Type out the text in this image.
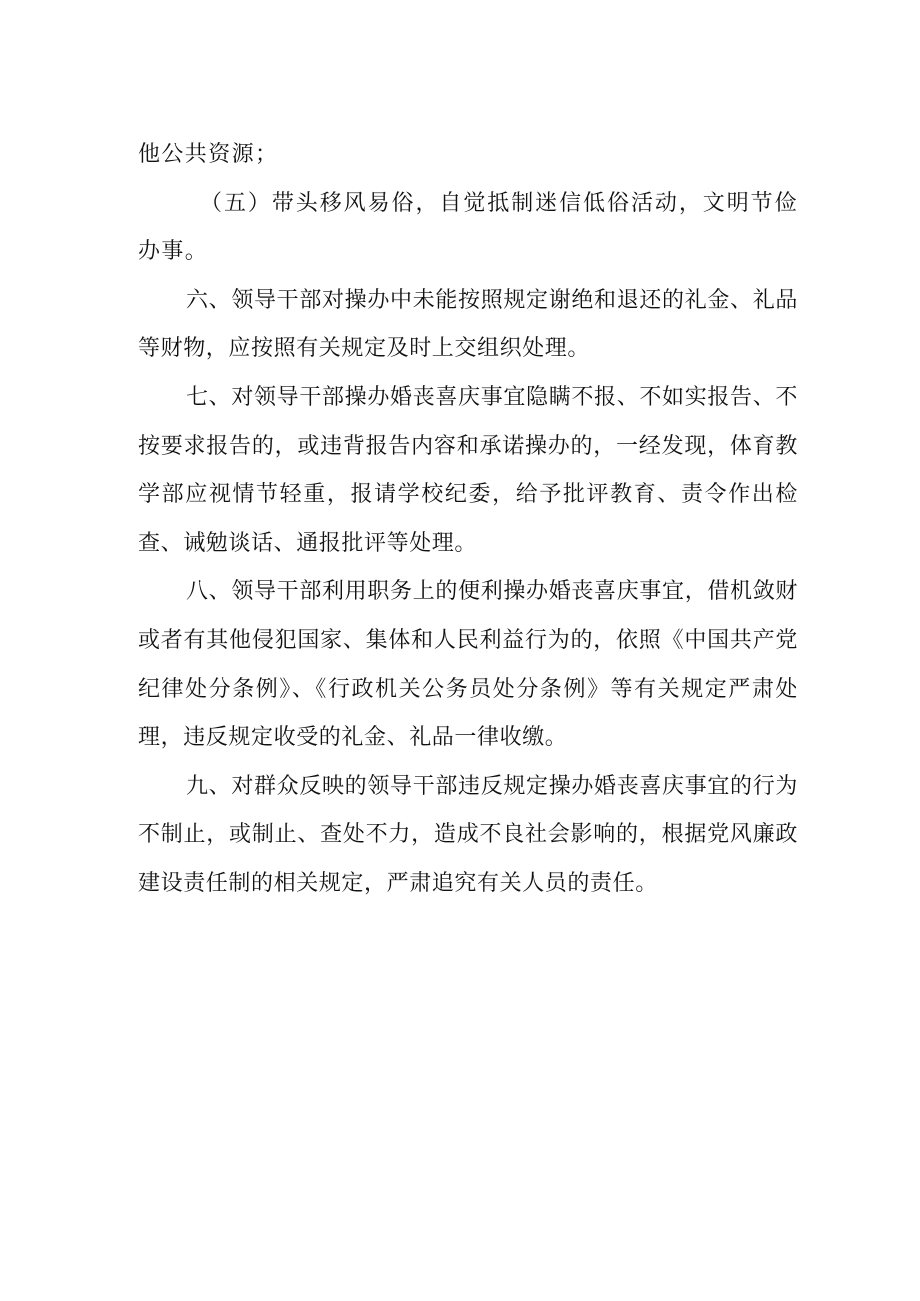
他公共资源；

（五）带头移风易俗，自觉抵制迷信低俗活动，文明节俭办事。

六、领导干部对操办中未能按照规定谢绝和退还的礼金、礼品等财物，应按照有关规定及时上交组织处理。

七、对领导干部操办婚丧喜庆事宜隐瞒不报、不如实报告、不按要求报告的，或违背报告内容和承诺操办的，一经发现，体育教学部应视情节轻重，报请学校纪委，给予批评教育、责令作出检查、诫勉谈话、通报批评等处理。

八、领导干部利用职务上的便利操办婚丧喜庆事宜，借机敛财或者有其他侵犯国家、集体和人民利益行为的，依照《中国共产党纪律处分条例》、《行政机关公务员处分条例》等有关规定严肃处理，违反规定收受的礼金、礼品一律收缴。

九、对群众反映的领导干部违反规定操办婚丧喜庆事宜的行为不制止，或制止、查处不力，造成不良社会影响的，根据党风廉政建设责任制的相关规定，严肃追究有关人员的责任。
